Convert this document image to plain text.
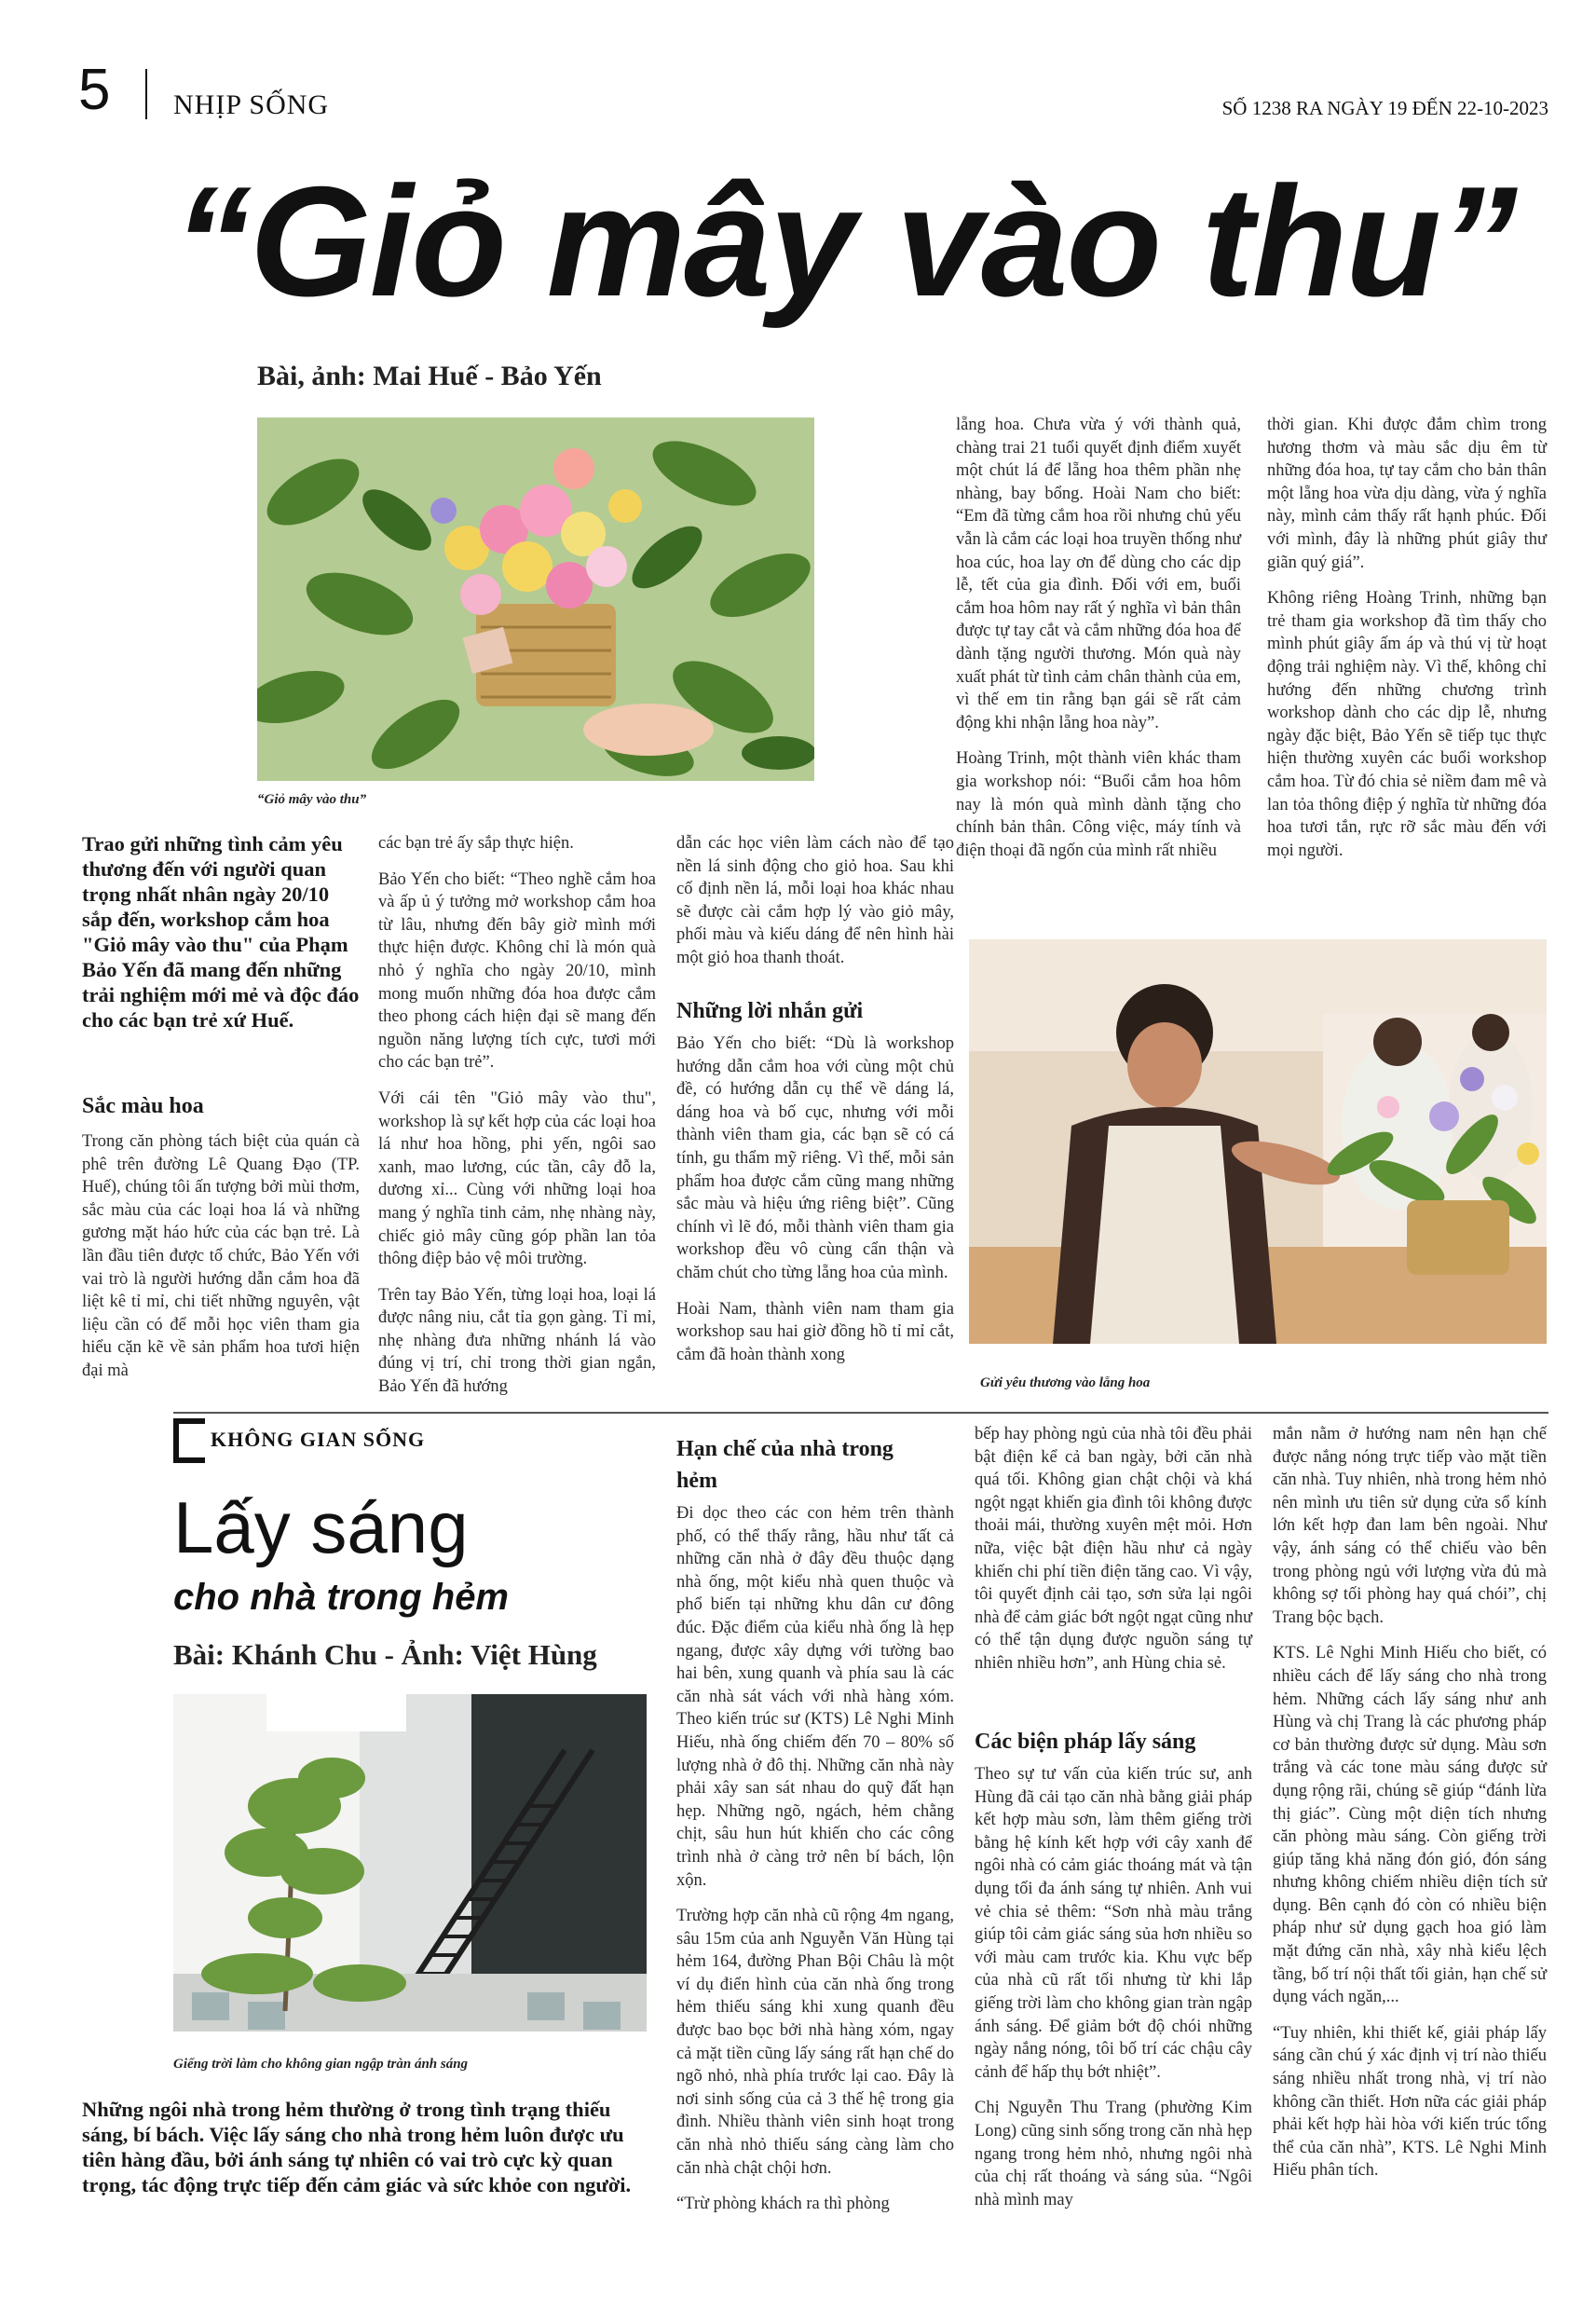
5 NHỊP SỐNG	SỐ 1238 RA NGÀY 19 ĐẾN 22-10-2023
“Giỏ mây vào thu”
Bài, ảnh: Mai Huế - Bảo Yến
“Giỏ mây vào thu”
Trao gửi những tình cảm yêu thương đến với người quan trọng nhất nhân ngày 20/10 sắp đến, workshop cắm hoa "Giỏ mây vào thu" của Phạm Bảo Yến đã mang đến những trải nghiệm mới mẻ và độc đáo cho các bạn trẻ xứ Huế.
Sắc màu hoa

Trong căn phòng tách biệt của quán cà phê trên đường Lê Quang Đạo (TP. Huế), chúng tôi ấn tượng bởi mùi thơm, sắc màu của các loại hoa lá và những gương mặt háo hức của các bạn trẻ. Là lần đầu tiên được tổ chức, Bảo Yến với vai trò là người hướng dẫn cắm hoa đã liệt kê tỉ mỉ, chi tiết những nguyên, vật liệu cần có để mỗi học viên tham gia hiểu cặn kẽ về sản phẩm hoa tươi hiện đại mà

các bạn trẻ ấy sắp thực hiện.

Bảo Yến cho biết: “Theo nghề cắm hoa và ấp ủ ý tưởng mở workshop cắm hoa từ lâu, nhưng đến bây giờ mình mới thực hiện được. Không chỉ là món quà nhỏ ý nghĩa cho ngày 20/10, mình mong muốn những đóa hoa được cắm theo phong cách hiện đại sẽ mang đến nguồn năng lượng tích cực, tươi mới cho các bạn trẻ”.

Với cái tên "Giỏ mây vào thu", workshop là sự kết hợp của các loại hoa lá như hoa hồng, phi yến, ngôi sao xanh, mao lương, cúc tần, cây đỗ la, dương xỉ... Cùng với những loại hoa mang ý nghĩa tinh cảm, nhẹ nhàng này, chiếc giỏ mây cũng góp phần lan tỏa thông điệp bảo vệ môi trường.

Trên tay Bảo Yến, từng loại hoa, loại lá được nâng niu, cắt tỉa gọn gàng. Tỉ mỉ, nhẹ nhàng đưa những nhánh lá vào đúng vị trí, chỉ trong thời gian ngắn, Bảo Yến đã hướng

dẫn các học viên làm cách nào để tạo nền lá sinh động cho giỏ hoa. Sau khi cố định nền lá, mỗi loại hoa khác nhau sẽ được cài cắm hợp lý vào giỏ mây, phối màu và kiếu dáng để nên hình hài một giỏ hoa thanh thoát.

Những lời nhắn gửi

Bảo Yến cho biết: “Dù là workshop hướng dẫn cắm hoa với cùng một chủ đề, có hướng dẫn cụ thể về dáng lá, dáng hoa và bố cục, nhưng với mỗi thành viên tham gia, các bạn sẽ có cá tính, gu thẩm mỹ riêng. Vì thế, mỗi sản phẩm hoa được cắm cũng mang những sắc màu và hiệu ứng riêng biệt”. Cũng chính vì lẽ đó, mỗi thành viên tham gia workshop đều vô cùng cẩn thận và chăm chút cho từng lẵng hoa của mình.

Hoài Nam, thành viên nam tham gia workshop sau hai giờ đồng hồ tỉ mỉ cắt, cắm đã hoàn thành xong

lẵng hoa. Chưa vừa ý với thành quả, chàng trai 21 tuổi quyết định điểm xuyết một chút lá để lẵng hoa thêm phần nhẹ nhàng, bay bổng. Hoài Nam cho biết: “Em đã từng cắm hoa rồi nhưng chủ yếu vẫn là cắm các loại hoa truyền thống như hoa cúc, hoa lay ơn để dùng cho các dịp lễ, tết của gia đình. Đối với em, buổi cắm hoa hôm nay rất ý nghĩa vì bản thân được tự tay cắt và cắm những đóa hoa để dành tặng người thương. Món quà này xuất phát từ tình cảm chân thành của em, vì thế em tin rằng bạn gái sẽ rất cảm động khi nhận lẵng hoa này”.

Hoàng Trinh, một thành viên khác tham gia workshop nói: “Buổi cắm hoa hôm nay là món quà mình dành tặng cho chính bản thân. Công việc, máy tính và điện thoại đã ngốn của mình rất nhiều

thời gian. Khi được đắm chìm trong hương thơm và màu sắc dịu êm từ những đóa hoa, tự tay cắm cho bản thân một lẵng hoa vừa dịu dàng, vừa ý nghĩa này, mình cảm thấy rất hạnh phúc. Đối với mình, đây là những phút giây thư giãn quý giá”.

Không riêng Hoàng Trinh, những bạn trẻ tham gia workshop đã tìm thấy cho mình phút giây ấm áp và thú vị từ hoạt động trải nghiệm này. Vì thế, không chỉ hướng đến những chương trình workshop dành cho các dịp lễ, nhưng ngày đặc biệt, Bảo Yến sẽ tiếp tục thực hiện thường xuyên các buổi workshop cắm hoa. Từ đó chia sẻ niềm đam mê và lan tỏa thông điệp ý nghĩa từ những đóa hoa tươi tắn, rực rỡ sắc màu đến với mọi người.

Gửi yêu thương vào lẵng hoa
KHÔNG GIAN SỐNG
Lấy sáng
cho nhà trong hẻm
Bài: Khánh Chu - Ảnh: Việt Hùng
Giếng trời làm cho không gian ngập tràn ánh sáng
Những ngôi nhà trong hẻm thường ở trong tình trạng thiếu sáng, bí bách. Việc lấy sáng cho nhà trong hẻm luôn được ưu tiên hàng đầu, bởi ánh sáng tự nhiên có vai trò cực kỳ quan trọng, tác động trực tiếp đến cảm giác và sức khỏe con người.
Hạn chế của nhà trong hẻm

Đi dọc theo các con hẻm trên thành phố, có thể thấy rằng, hầu như tất cả những căn nhà ở đây đều thuộc dạng nhà ống, một kiểu nhà quen thuộc và phổ biến tại những khu dân cư đông đúc. Đặc điểm của kiểu nhà ống là hẹp ngang, được xây dựng với tường bao hai bên, xung quanh và phía sau là các căn nhà sát vách với nhà hàng xóm. Theo kiến trúc sư (KTS) Lê Nghi Minh Hiếu, nhà ống chiếm đến 70 – 80% số lượng nhà ở đô thị. Những căn nhà này phải xây san sát nhau do quỹ đất hạn hẹp. Những ngõ, ngách, hẻm chằng chịt, sâu hun hút khiến cho các công trình nhà ở càng trở nên bí bách, lộn xộn.

Trường hợp căn nhà cũ rộng 4m ngang, sâu 15m của anh Nguyễn Văn Hùng tại hẻm 164, đường Phan Bội Châu là một ví dụ điển hình của căn nhà ống trong hẻm thiếu sáng khi xung quanh đều được bao bọc bởi nhà hàng xóm, ngay cả mặt tiền cũng lấy sáng rất hạn chế do ngõ nhỏ, nhà phía trước lại cao. Đây là nơi sinh sống của cả 3 thế hệ trong gia đình. Nhiều thành viên sinh hoạt trong căn nhà nhỏ thiếu sáng càng làm cho căn nhà chật chội hơn.

“Trừ phòng khách ra thì phòng

bếp hay phòng ngủ của nhà tôi đều phải bật điện kể cả ban ngày, bởi căn nhà quá tối. Không gian chật chội và khá ngột ngạt khiến gia đình tôi không được thoải mái, thường xuyên mệt mỏi. Hơn nữa, việc bật điện hầu như cả ngày khiến chi phí tiền điện tăng cao. Vì vậy, tôi quyết định cải tạo, sơn sửa lại ngôi nhà để cảm giác bớt ngột ngạt cũng như có thể tận dụng được nguồn sáng tự nhiên nhiều hơn”, anh Hùng chia sẻ.

Các biện pháp lấy sáng

Theo sự tư vấn của kiến trúc sư, anh Hùng đã cải tạo căn nhà bằng giải pháp kết hợp màu sơn, làm thêm giếng trời bằng hệ kính kết hợp với cây xanh để ngôi nhà có cảm giác thoáng mát và tận dụng tối đa ánh sáng tự nhiên. Anh vui vẻ chia sẻ thêm: “Sơn nhà màu trắng giúp tôi cảm giác sáng sủa hơn nhiều so với màu cam trước kia. Khu vực bếp của nhà cũ rất tối nhưng từ khi lắp giếng trời làm cho không gian tràn ngập ánh sáng. Để giảm bớt độ chói những ngày nắng nóng, tôi bố trí các chậu cây cảnh để hấp thụ bớt nhiệt”.

Chị Nguyễn Thu Trang (phường Kim Long) cũng sinh sống trong căn nhà hẹp ngang trong hẻm nhỏ, nhưng ngôi nhà của chị rất thoáng và sáng sủa. “Ngôi nhà mình may

mắn nằm ở hướng nam nên hạn chế được nắng nóng trực tiếp vào mặt tiền căn nhà. Tuy nhiên, nhà trong hẻm nhỏ nên mình ưu tiên sử dụng cửa sổ kính lớn kết hợp đan lam bên ngoài. Như vậy, ánh sáng có thể chiếu vào bên trong phòng ngủ với lượng vừa đủ mà không sợ tối phòng hay quá chói”, chị Trang bộc bạch.

KTS. Lê Nghi Minh Hiếu cho biết, có nhiều cách để lấy sáng cho nhà trong hẻm. Những cách lấy sáng như anh Hùng và chị Trang là các phương pháp cơ bản thường được sử dụng. Màu sơn trắng và các tone màu sáng được sử dụng rộng rãi, chúng sẽ giúp “đánh lừa thị giác”. Cùng một diện tích nhưng căn phòng màu sáng. Còn giếng trời giúp tăng khả năng đón gió, đón sáng nhưng không chiếm nhiều diện tích sử dụng. Bên cạnh đó còn có nhiều biện pháp như sử dụng gạch hoa gió làm mặt đứng căn nhà, xây nhà kiểu lệch tầng, bố trí nội thất tối giản, hạn chế sử dụng vách ngăn,...

“Tuy nhiên, khi thiết kế, giải pháp lấy sáng cần chú ý xác định vị trí nào thiếu sáng nhiều nhất trong nhà, vị trí nào không cần thiết. Hơn nữa các giải pháp phải kết hợp hài hòa với kiến trúc tổng thể của căn nhà”, KTS. Lê Nghi Minh Hiếu phân tích.
